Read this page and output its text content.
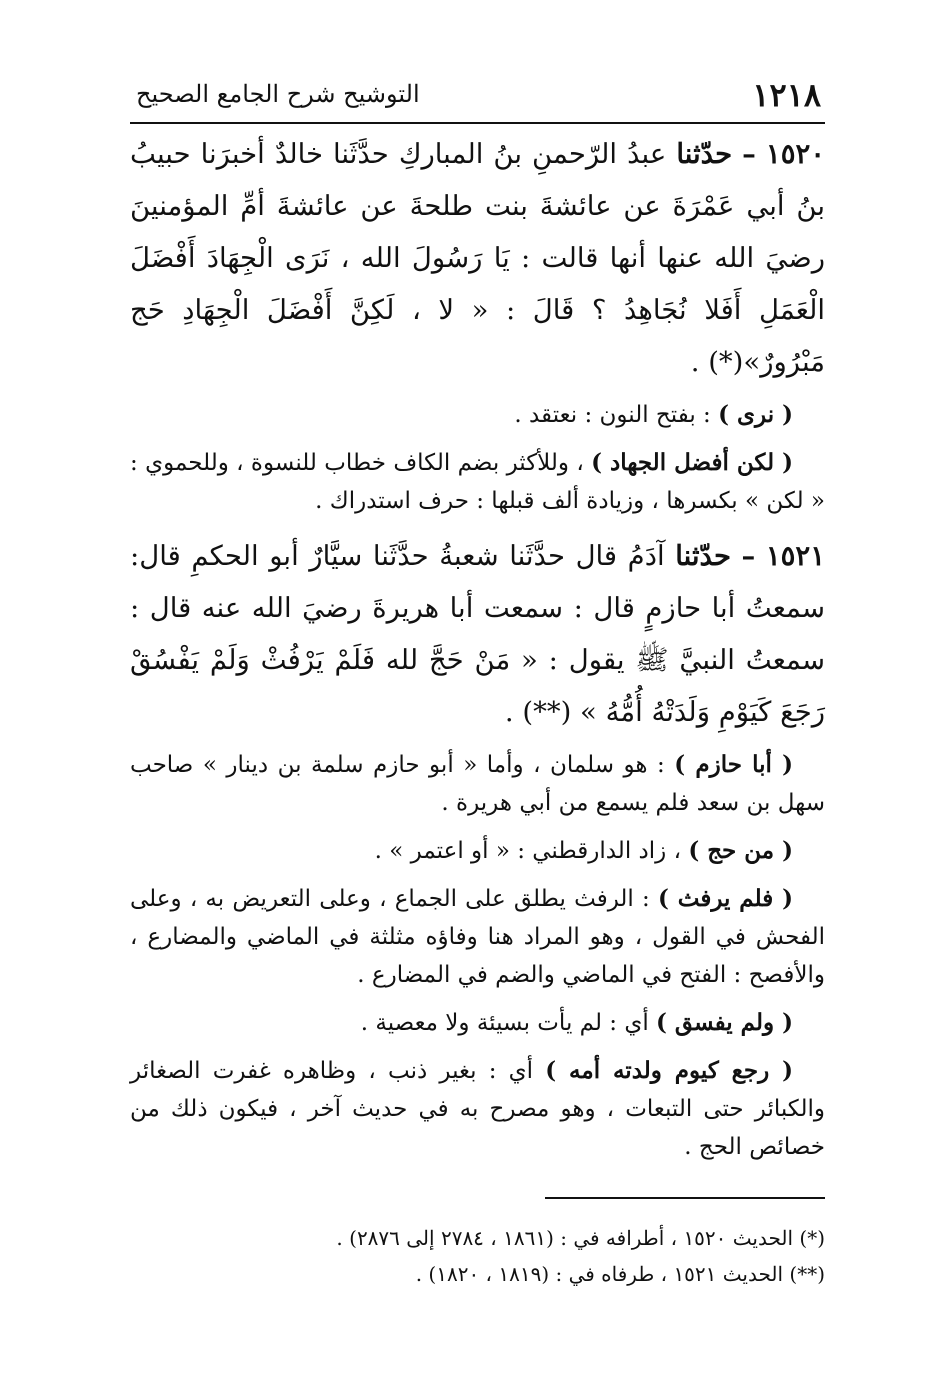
١٢١٨
التوشيح شرح الجامع الصحيح

١٥٢٠ – حدّثنا عبدُ الرّحمنِ بنُ المباركِ حدَّثَنا خالدٌ أخبرَنا حبيبُ بنُ أبي عَمْرَةَ عن عائشةَ بنت طلحةَ عن عائشةَ أمِّ المؤمنينَ رضيَ الله عنها أنها قالت : يَا رَسُولَ الله ، نَرَى الْجِهَادَ أَفْضَلَ الْعَمَلِ أَفَلا نُجَاهِدُ ؟ قَالَ : « لا ، لَكِنَّ أَفْضَلَ الْجِهَادِ حَج مَبْرُورٌ»(*) .

( نرى ) : بفتح النون : نعتقد .

( لكن أفضل الجهاد ) ، وللأكثر بضم الكاف خطاب للنسوة ، وللحموي : « لكن » بكسرها ، وزيادة ألف قبلها : حرف استدراك .

١٥٢١ – حدّثنا آدَمُ قال حدَّثَنا شعبةُ حدَّثَنا سيَّارٌ أبو الحكمِ قال: سمعتُ أبا حازمٍ قال : سمعت أبا هريرةَ رضيَ الله عنه قال : سمعتُ النبيَّ ﷺ يقول : « مَنْ حَجَّ لله فَلَمْ يَرْفُثْ وَلَمْ يَفْسُقْ رَجَعَ كَيَوْمِ وَلَدَتْهُ أُمُّهُ » (**) .

( أبا حازم ) : هو سلمان ، وأما « أبو حازم سلمة بن دينار » صاحب سهل بن سعد فلم يسمع من أبي هريرة .

( من حج ) ، زاد الدارقطني : « أو اعتمر » .

( فلم يرفث ) : الرفث يطلق على الجماع ، وعلى التعريض به ، وعلى الفحش في القول ، وهو المراد هنا وفاؤه مثلثة في الماضي والمضارع ، والأفصح : الفتح في الماضي والضم في المضارع .

( ولم يفسق ) أي : لم يأت بسيئة ولا معصية .

( رجع كيوم ولدته أمه ) أي : بغير ذنب ، وظاهره غفرت الصغائر والكبائر حتى التبعات ، وهو مصرح به في حديث آخر ، فيكون ذلك من خصائص الحج .

(*) الحديث ١٥٢٠ ، أطرافه في : (١٨٦١ ، ٢٧٨٤ إلى ٢٨٧٦) .

(**) الحديث ١٥٢١ ، طرفاه في : (١٨١٩ ، ١٨٢٠) .
